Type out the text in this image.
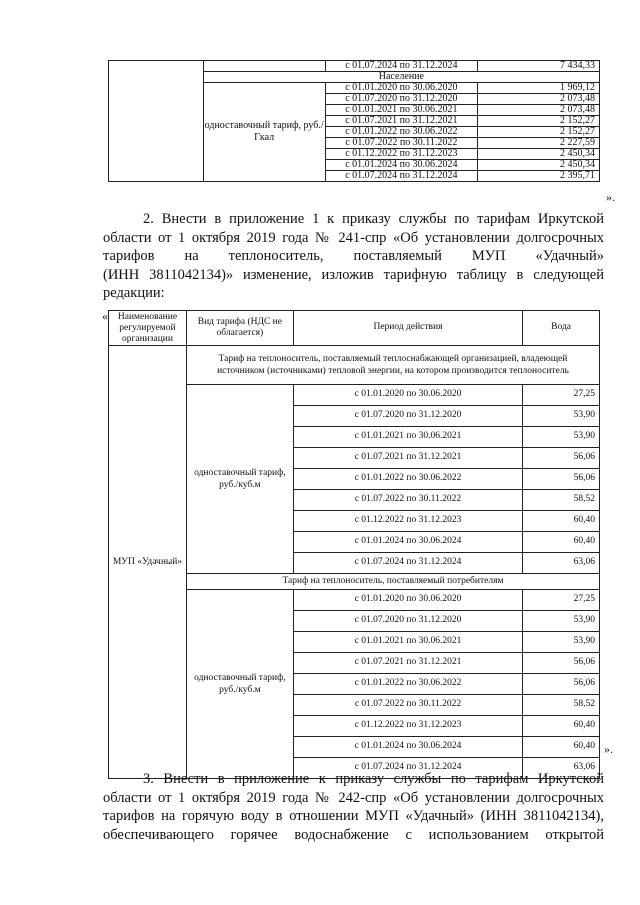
		с 01.07.2024 по 31.12.2024	7 434,33
	Население		
	одноставочный тариф, руб./Гкал	с 01.01.2020 по 30.06.2020	1 969,12
		с 01.07.2020 по 31.12.2020	2 073,48
		с 01.01.2021 по 30.06.2021	2 073,48
		с 01.07.2021 по 31.12.2021	2 152,27
		с 01.01.2022 по 30.06.2022	2 152,27
		с 01.07.2022 по 30.11.2022	2 227,59
		с 01.12.2022 по 31.12.2023	2 450,34
		с 01.01.2024 по 30.06.2024	2 450,34
		с 01.07.2024 по 31.12.2024	2 395,71
».

2. Внести в приложение 1 к приказу службы по тарифам Иркутской
области от 1 октября 2019 года № 241-спр «Об установлении долгосрочных
тарифов на теплоноситель, поставляемый МУП «Удачный»
(ИНН 3811042134)» изменение, изложив тарифную таблицу в следующей
редакции:

« Наименование регулируемой организации	Вид тарифа (НДС не облагается)	Период действия	Вода
МУП «Удачный»	Тариф на теплоноситель, поставляемый теплоснабжающей организацией, владеющей источником (источниками) тепловой энергии, на котором производится теплоноситель		
	одноставочный тариф, руб./куб.м	с 01.01.2020 по 30.06.2020	27,25
		с 01.07.2020 по 31.12.2020	53,90
		с 01.01.2021 по 30.06.2021	53,90
		с 01.07.2021 по 31.12.2021	56,06
		с 01.01.2022 по 30.06.2022	56,06
		с 01.07.2022 по 30.11.2022	58,52
		с 01.12.2022 по 31.12.2023	60,40
		с 01.01.2024 по 30.06.2024	60,40
		с 01.07.2024 по 31.12.2024	63,06
	Тариф на теплоноситель, поставляемый потребителям		
	одноставочный тариф, руб./куб.м	с 01.01.2020 по 30.06.2020	27,25
		с 01.07.2020 по 31.12.2020	53,90
		с 01.01.2021 по 30.06.2021	53,90
		с 01.07.2021 по 31.12.2021	56,06
		с 01.01.2022 по 30.06.2022	56,06
		с 01.07.2022 по 30.11.2022	58,52
		с 01.12.2022 по 31.12.2023	60,40
		с 01.01.2024 по 30.06.2024	60,40
		с 01.07.2024 по 31.12.2024	63,06
».

3. Внести в приложение к приказу службы по тарифам Иркутской
области от 1 октября 2019 года № 242-спр «Об установлении долгосрочных
тарифов на горячую воду в отношении МУП «Удачный» (ИНН 3811042134),
обеспечивающего горячее водоснабжение с использованием открытой
